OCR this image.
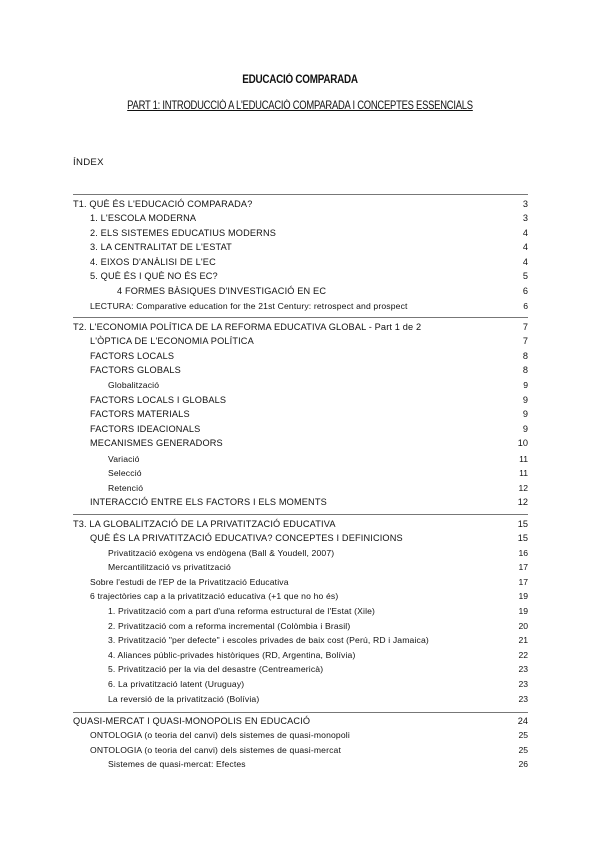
EDUCACIÓ COMPARADA
PART 1: INTRODUCCIÓ A L'EDUCACIÓ COMPARADA I CONCEPTES ESSENCIALS
ÍNDEX
T1. QUÈ ÉS L'EDUCACIÓ COMPARADA?	3
1. L'ESCOLA MODERNA	3
2. ELS SISTEMES EDUCATIUS MODERNS	4
3. LA CENTRALITAT DE L'ESTAT	4
4. EIXOS D'ANÀLISI DE L'EC	4
5. QUÈ ÉS I QUÈ NO ÉS EC?	5
4 FORMES BÀSIQUES D'INVESTIGACIÓ EN EC	6
LECTURA: Comparative education for the 21st Century: retrospect and prospect	6
T2. L'ECONOMIA POLÍTICA DE LA REFORMA EDUCATIVA GLOBAL - Part 1 de 2	7
L'ÒPTICA DE L'ECONOMIA POLÍTICA	7
FACTORS LOCALS	8
FACTORS GLOBALS	8
Globalització	9
FACTORS LOCALS I GLOBALS	9
FACTORS MATERIALS	9
FACTORS IDEACIONALS	9
MECANISMES GENERADORS	10
Variació	11
Selecció	11
Retenció	12
INTERACCIÓ ENTRE ELS FACTORS I ELS MOMENTS	12
T3. LA GLOBALITZACIÓ DE LA PRIVATITZACIÓ EDUCATIVA	15
QUÈ ÉS LA PRIVATITZACIÓ EDUCATIVA? CONCEPTES I DEFINICIONS	15
Privatització exògena vs endògena (Ball & Youdell, 2007)	16
Mercantilització vs privatització	17
Sobre l'estudi de l'EP de la Privatització Educativa	17
6 trajectòries cap a la privatització educativa (+1 que no ho és)	19
1. Privatització com a part d'una reforma estructural de l'Estat (Xile)	19
2. Privatització com a reforma incremental (Colòmbia i Brasil)	20
3. Privatització "per defecte" i escoles privades de baix cost (Perú, RD i Jamaica)	21
4. Aliances públic-privades històriques (RD, Argentina, Bolívia)	22
5. Privatització per la via del desastre (Centreamericà)	23
6. La privatització latent (Uruguay)	23
La reversió de la privatització (Bolívia)	23
QUASI-MERCAT I QUASI-MONOPOLIS EN EDUCACIÓ	24
ONTOLOGIA (o teoria del canvi) dels sistemes de quasi-monopoli	25
ONTOLOGIA (o teoria del canvi) dels sistemes de quasi-mercat	25
Sistemes de quasi-mercat: Efectes	26
